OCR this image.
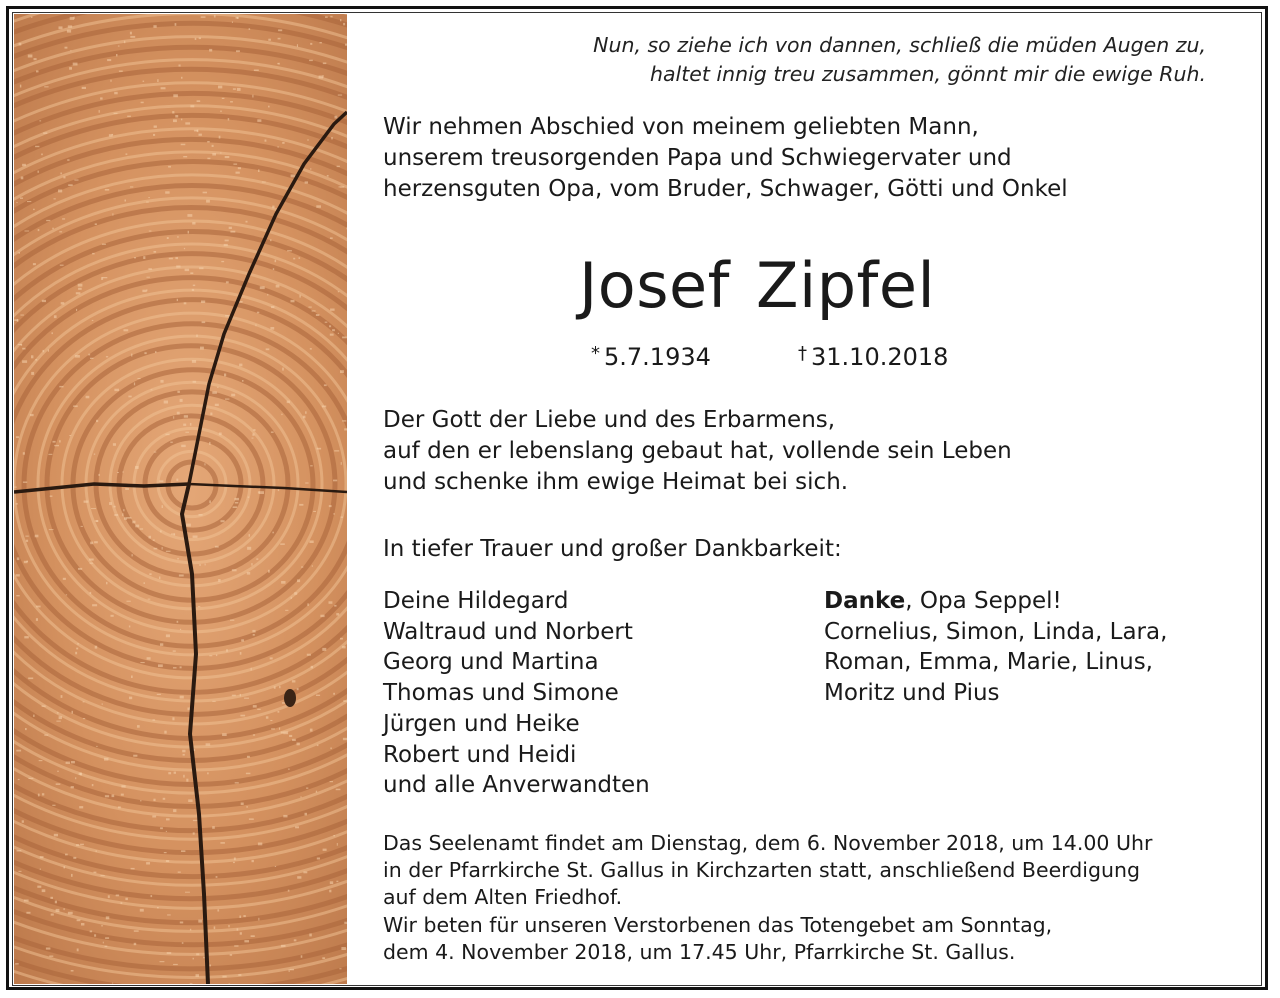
Nun, so ziehe ich von dannen, schließ die müden Augen zu,
haltet innig treu zusammen, gönnt mir die ewige Ruh.
Wir nehmen Abschied von meinem geliebten Mann,
unserem treusorgenden Papa und Schwiegervater und
herzensguten Opa, vom Bruder, Schwager, Götti und Onkel
Josef Zipfel
* 5.7.1934	† 31.10.2018
Der Gott der Liebe und des Erbarmens,
auf den er lebenslang gebaut hat, vollende sein Leben
und schenke ihm ewige Heimat bei sich.
In tiefer Trauer und großer Dankbarkeit:
Deine Hildegard
Waltraud und Norbert
Georg und Martina
Thomas und Simone
Jürgen und Heike
Robert und Heidi
und alle Anverwandten
Danke, Opa Seppel!
Cornelius, Simon, Linda, Lara,
Roman, Emma, Marie, Linus,
Moritz und Pius
Das Seelenamt findet am Dienstag, dem 6. November 2018, um 14.00 Uhr
in der Pfarrkirche St. Gallus in Kirchzarten statt, anschließend Beerdigung
auf dem Alten Friedhof.
Wir beten für unseren Verstorbenen das Totengebet am Sonntag,
dem 4. November 2018, um 17.45 Uhr, Pfarrkirche St. Gallus.
